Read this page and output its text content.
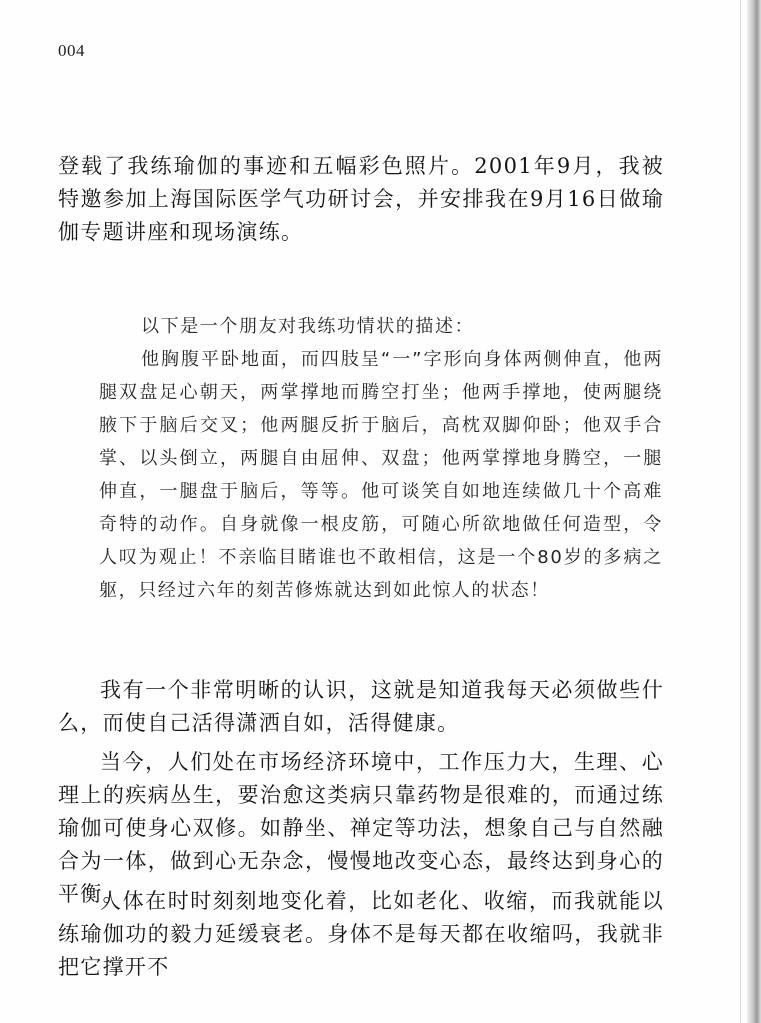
004

登载了我练瑜伽的事迹和五幅彩色照片。2001年9月，我被特邀参加上海国际医学气功研讨会，并安排我在9月16日做瑜伽专题讲座和现场演练。

以下是一个朋友对我练功情状的描述：

他胸腹平卧地面，而四肢呈“一”字形向身体两侧伸直，他两腿双盘足心朝天，两掌撑地而腾空打坐；他两手撑地，使两腿绕腋下于脑后交叉；他两腿反折于脑后，高枕双脚仰卧；他双手合掌、以头倒立，两腿自由屈伸、双盘；他两掌撑地身腾空，一腿伸直，一腿盘于脑后，等等。他可谈笑自如地连续做几十个高难奇特的动作。自身就像一根皮筋，可随心所欲地做任何造型，令人叹为观止！不亲临目睹谁也不敢相信，这是一个80岁的多病之躯，只经过六年的刻苦修炼就达到如此惊人的状态！

我有一个非常明晰的认识，这就是知道我每天必须做些什么，而使自己活得潇洒自如，活得健康。

当今，人们处在市场经济环境中，工作压力大，生理、心理上的疾病丛生，要治愈这类病只靠药物是很难的，而通过练瑜伽可使身心双修。如静坐、禅定等功法，想象自己与自然融合为一体，做到心无杂念，慢慢地改变心态，最终达到身心的平衡。

人体在时时刻刻地变化着，比如老化、收缩，而我就能以练瑜伽功的毅力延缓衰老。身体不是每天都在收缩吗，我就非把它撑开不
